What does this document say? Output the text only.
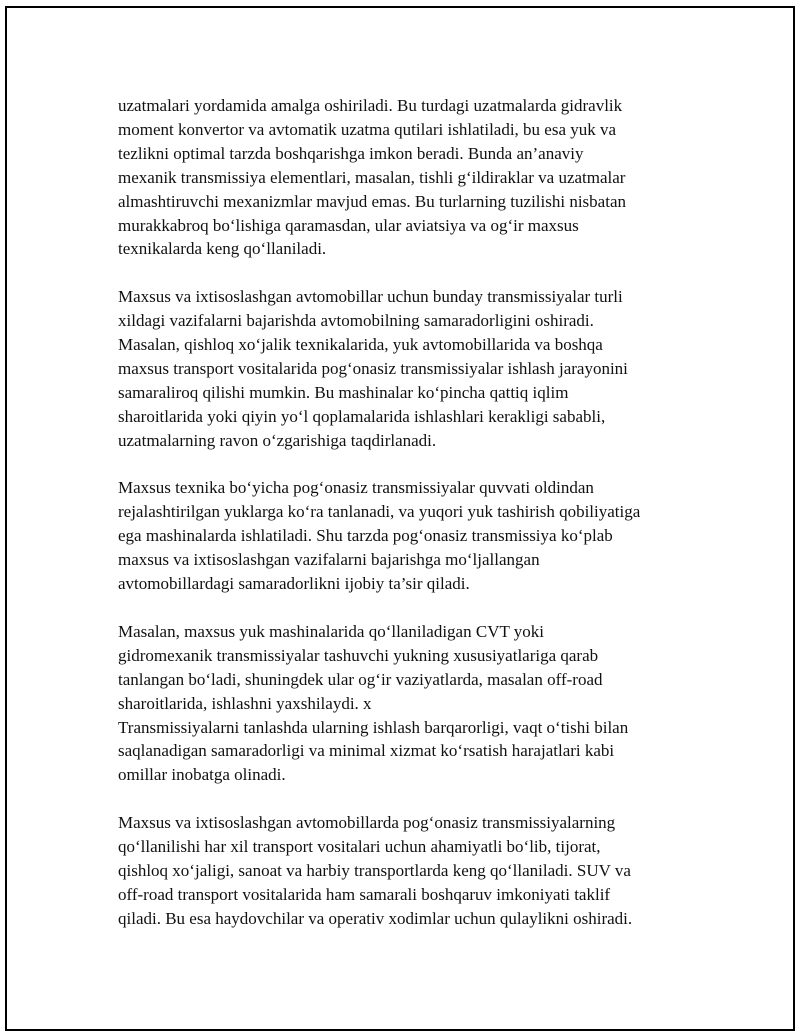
uzatmalari yordamida amalga oshiriladi. Bu turdagi uzatmalarda gidravlik
moment konvertor va avtomatik uzatma qutilari ishlatiladi, bu esa yuk va
tezlikni optimal tarzda boshqarishga imkon beradi. Bunda an’anaviy
mexanik transmissiya elementlari, masalan, tishli g‘ildiraklar va uzatmalar
almashtiruvchi mexanizmlar mavjud emas. Bu turlarning tuzilishi nisbatan
murakkabroq bo‘lishiga qaramasdan, ular aviatsiya va og‘ir maxsus
texnikalarda keng qo‘llaniladi.

Maxsus va ixtisoslashgan avtomobillar uchun bunday transmissiyalar turli
xildagi vazifalarni bajarishda avtomobilning samaradorligini oshiradi.
Masalan, qishloq xo‘jalik texnikalarida, yuk avtomobillarida va boshqa
maxsus transport vositalarida pog‘onasiz transmissiyalar ishlash jarayonini
samaraliroq qilishi mumkin. Bu mashinalar ko‘pincha qattiq iqlim
sharoitlarida yoki qiyin yo‘l qoplamalarida ishlashlari kerakligi sababli,
uzatmalarning ravon o‘zgarishiga taqdirlanadi.

Maxsus texnika bo‘yicha pog‘onasiz transmissiyalar quvvati oldindan
rejalashtirilgan yuklarga ko‘ra tanlanadi, va yuqori yuk tashirish qobiliyatiga
ega mashinalarda ishlatiladi. Shu tarzda pog‘onasiz transmissiya ko‘plab
maxsus va ixtisoslashgan vazifalarni bajarishga mo‘ljallangan
avtomobillardagi samaradorlikni ijobiy ta’sir qiladi.

Masalan, maxsus yuk mashinalarida qo‘llaniladigan CVT yoki
gidromexanik transmissiyalar tashuvchi yukning xususiyatlariga qarab
tanlangan bo‘ladi, shuningdek ular og‘ir vaziyatlarda, masalan off-road
sharoitlarida, ishlashni yaxshilaydi. x
Transmissiyalarni tanlashda ularning ishlash barqarorligi, vaqt o‘tishi bilan
saqlanadigan samaradorligi va minimal xizmat ko‘rsatish harajatlari kabi
omillar inobatga olinadi.

Maxsus va ixtisoslashgan avtomobillarda pog‘onasiz transmissiyalarning
qo‘llanilishi har xil transport vositalari uchun ahamiyatli bo‘lib, tijorat,
qishloq xo‘jaligi, sanoat va harbiy transportlarda keng qo‘llaniladi. SUV va
off-road transport vositalarida ham samarali boshqaruv imkoniyati taklif
qiladi. Bu esa haydovchilar va operativ xodimlar uchun qulaylikni oshiradi.
